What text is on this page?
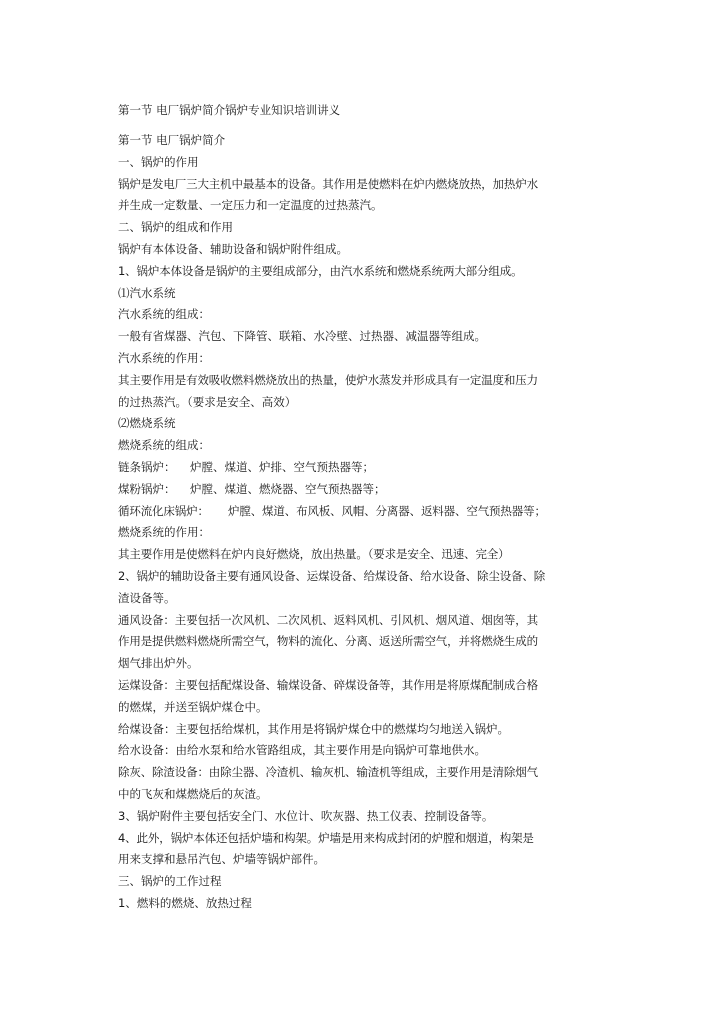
第一节 电厂锅炉简介锅炉专业知识培训讲义
第一节 电厂锅炉简介
一、锅炉的作用
锅炉是发电厂三大主机中最基本的设备。其作用是使燃料在炉内燃烧放热，加热炉水
并生成一定数量、一定压力和一定温度的过热蒸汽。
二、锅炉的组成和作用
锅炉有本体设备、辅助设备和锅炉附件组成。
1、锅炉本体设备是锅炉的主要组成部分，由汽水系统和燃烧系统两大部分组成。
⑴汽水系统
汽水系统的组成：
一般有省煤器、汽包、下降管、联箱、水冷壁、过热器、减温器等组成。
汽水系统的作用：
其主要作用是有效吸收燃料燃烧放出的热量，使炉水蒸发并形成具有一定温度和压力
的过热蒸汽。（要求是安全、高效）
⑵燃烧系统
燃烧系统的组成：
链条锅炉： 炉膛、煤道、炉排、空气预热器等；
煤粉锅炉： 炉膛、煤道、燃烧器、空气预热器等；
循环流化床锅炉： 炉膛、煤道、布风板、风帽、分离器、返料器、空气预热器等；
燃烧系统的作用：
其主要作用是使燃料在炉内良好燃烧，放出热量。（要求是安全、迅速、完全）
2、锅炉的辅助设备主要有通风设备、运煤设备、给煤设备、给水设备、除尘设备、除
渣设备等。
通风设备：主要包括一次风机、二次风机、返料风机、引风机、烟风道、烟囱等，其
作用是提供燃料燃烧所需空气，物料的流化、分离、返送所需空气，并将燃烧生成的
烟气排出炉外。
运煤设备：主要包括配煤设备、输煤设备、碎煤设备等，其作用是将原煤配制成合格
的燃煤，并送至锅炉煤仓中。
给煤设备：主要包括给煤机，其作用是将锅炉煤仓中的燃煤均匀地送入锅炉。
给水设备：由给水泵和给水管路组成，其主要作用是向锅炉可靠地供水。
除灰、除渣设备：由除尘器、冷渣机、输灰机、输渣机等组成，主要作用是清除烟气
中的飞灰和煤燃烧后的灰渣。
3、锅炉附件主要包括安全门、水位计、吹灰器、热工仪表、控制设备等。
4、此外，锅炉本体还包括炉墙和构架。炉墙是用来构成封闭的炉膛和烟道，构架是
用来支撑和悬吊汽包、炉墙等锅炉部件。
三、锅炉的工作过程
1、燃料的燃烧、放热过程
